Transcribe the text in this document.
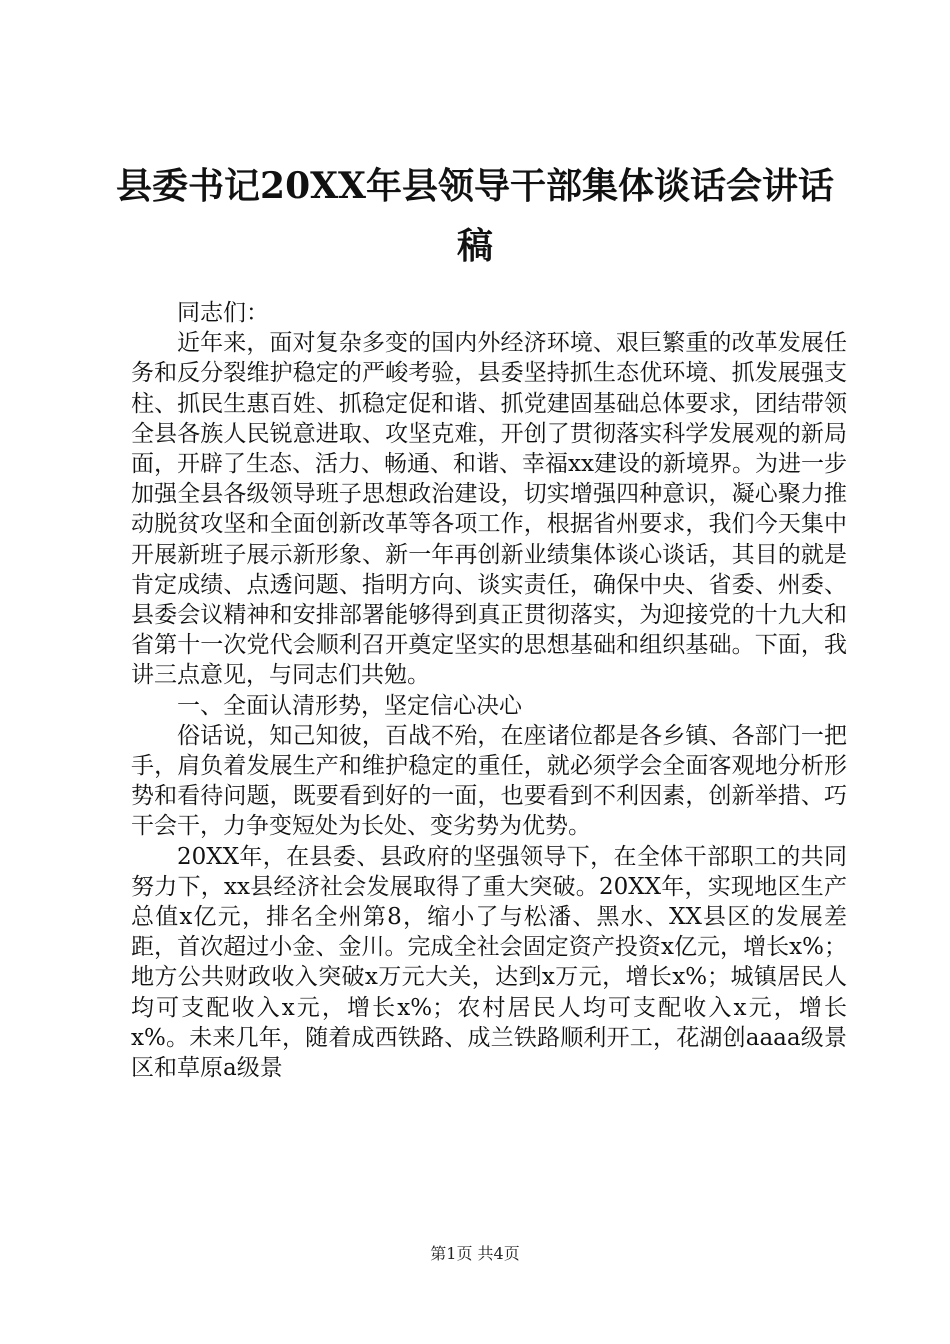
县委书记20XX年县领导干部集体谈话会讲话稿

同志们：

近年来，面对复杂多变的国内外经济环境、艰巨繁重的改革发展任务和反分裂维护稳定的严峻考验，县委坚持抓生态优环境、抓发展强支柱、抓民生惠百姓、抓稳定促和谐、抓党建固基础总体要求，团结带领全县各族人民锐意进取、攻坚克难，开创了贯彻落实科学发展观的新局面，开辟了生态、活力、畅通、和谐、幸福xx建设的新境界。为进一步加强全县各级领导班子思想政治建设，切实增强四种意识，凝心聚力推动脱贫攻坚和全面创新改革等各项工作，根据省州要求，我们今天集中开展新班子展示新形象、新一年再创新业绩集体谈心谈话，其目的就是肯定成绩、点透问题、指明方向、谈实责任，确保中央、省委、州委、县委会议精神和安排部署能够得到真正贯彻落实，为迎接党的十九大和省第十一次党代会顺利召开奠定坚实的思想基础和组织基础。下面，我讲三点意见，与同志们共勉。

一、全面认清形势，坚定信心决心

俗话说，知己知彼，百战不殆，在座诸位都是各乡镇、各部门一把手，肩负着发展生产和维护稳定的重任，就必须学会全面客观地分析形势和看待问题，既要看到好的一面，也要看到不利因素，创新举措、巧干会干，力争变短处为长处、变劣势为优势。

20XX年，在县委、县政府的坚强领导下，在全体干部职工的共同努力下，xx县经济社会发展取得了重大突破。20XX年，实现地区生产总值x亿元，排名全州第8，缩小了与松潘、黑水、XX县区的发展差距，首次超过小金、金川。完成全社会固定资产投资x亿元，增长x%；地方公共财政收入突破x万元大关，达到x万元，增长x%；城镇居民人均可支配收入x元，增长x%；农村居民人均可支配收入x元，增长x%。未来几年，随着成西铁路、成兰铁路顺利开工，花湖创aaaa级景区和草原a级景

第1页 共4页
